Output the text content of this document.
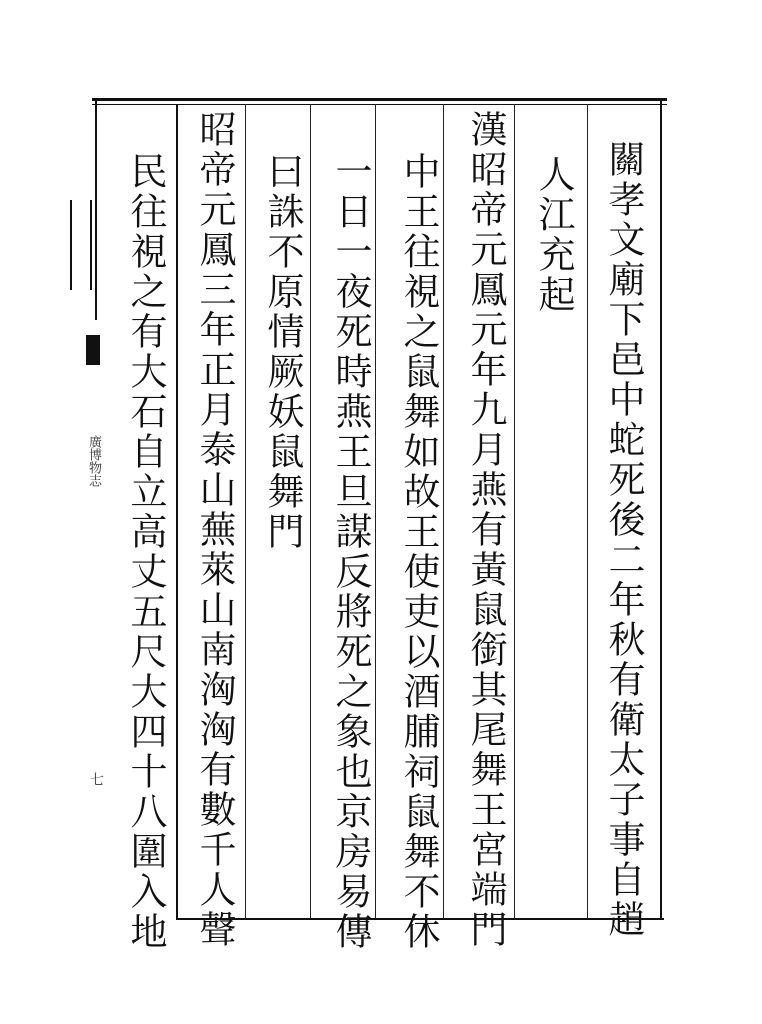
關孝文廟下邑中蛇死後二年秋有衛太子事自趙
人江充起
漢昭帝元鳳元年九月燕有黃鼠銜其尾舞王宮端門
中王往視之鼠舞如故王使吏以酒脯祠鼠舞不休
一日一夜死時燕王旦謀反將死之象也京房易傳
曰誅不原情厥妖鼠舞門
昭帝元鳳三年正月泰山蕪萊山南洶洶有數千人聲
民往視之有大石自立高丈五尺大四十八圍入地
廣博物志
七
